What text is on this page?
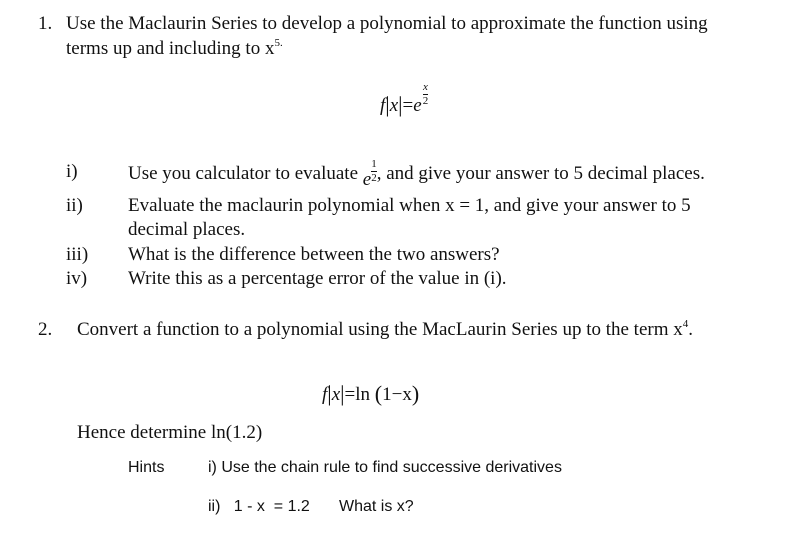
1. Use the Maclaurin Series to develop a polynomial to approximate the function using
terms up and including to $x^{5.}$
$f|x|=e \frac{x}{2}$
i)	Use you calculator to evaluate e $\frac{1}{2}$ , and give your answer to 5 decimal places.
ii) Evaluate the maclaurin polynomial when x = 1, and give your answer to 5
decimal places.
iii) What is the difference between the two answers?
iv) Write this as a percentage error of the value in (i).
2. Convert a function to a polynomial using the MacLaurin Series up to the term $x^4$.
f|x|=ln (1−x)
Hence determine ln(1.2)
Hints	i) Use the chain rule to find successive derivatives
ii)   1 - x  = 1.2 What is x?
